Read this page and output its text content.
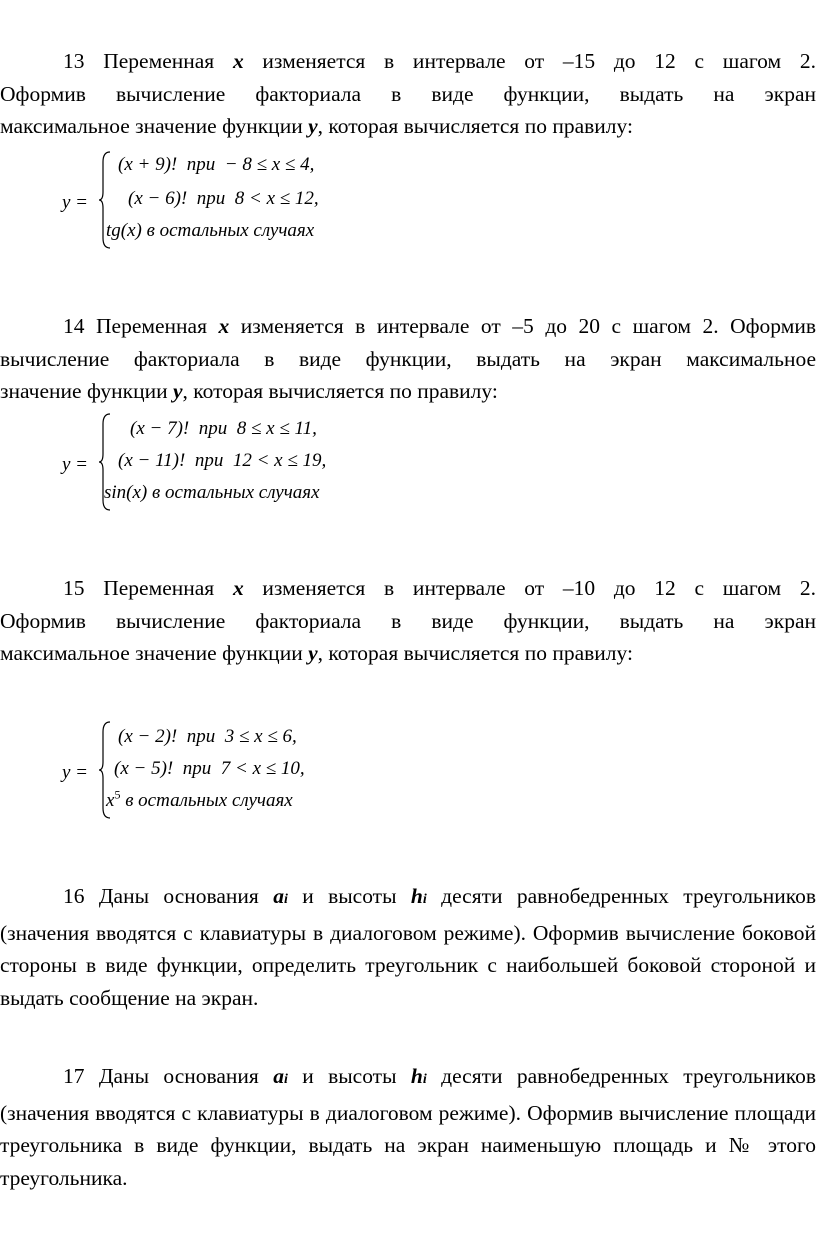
13 Переменная x изменяется в интервале от –15 до 12 с шагом 2.

Оформив вычисление факториала в виде функции, выдать на экран

максимальное значение функции y, которая вычисляется по правилу:

y =
(x + 9)! при  − 8 ≤ x ≤ 4,
(x − 6)! при  8 < x ≤ 12,
tg(x) в остальных случаях

14 Переменная x изменяется в интервале от –5 до 20 с шагом 2. Оформив

вычисление факториала в виде функции, выдать на экран максимальное

значение функции y, которая вычисляется по правилу:

y =
(x − 7)! при  8 ≤ x ≤ 11,
(x − 11)! при  12 < x ≤ 19,
sin(x) в остальных случаях

15 Переменная x изменяется в интервале от –10 до 12 с шагом 2.

Оформив вычисление факториала в виде функции, выдать на экран

максимальное значение функции y, которая вычисляется по правилу:

y =
(x − 2)! при  3 ≤ x ≤ 6,
(x − 5)! при  7 < x ≤ 10,
$x^5$ в остальных случаях

16 Даны основания ai и высоты hi десяти равнобедренных треугольников (значения вводятся с клавиатуры в диалоговом режиме). Оформив вычисление боковой стороны в виде функции, определить треугольник с наибольшей боковой стороной и выдать сообщение на экран.

17 Даны основания ai и высоты hi десяти равнобедренных треугольников (значения вводятся с клавиатуры в диалоговом режиме). Оформив вычисление площади треугольника в виде функции, выдать на экран наименьшую площадь и № этого треугольника.
